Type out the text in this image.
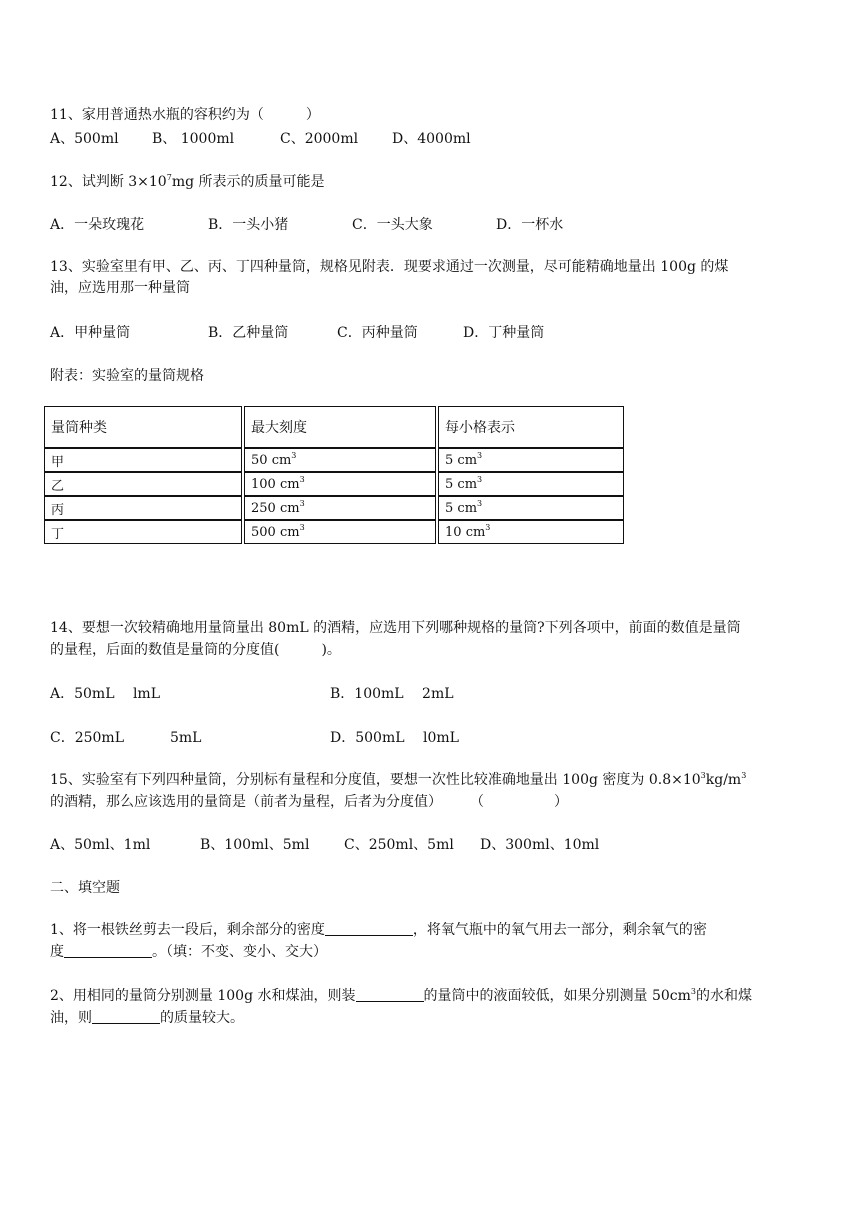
11、家用普通热水瓶的容积约为（　　　）

A、500ml

B、 1000ml

	C、2000ml

D、4000ml

12、试判断 $3\times 10^7mg$ 所表示的质量可能是

A．一朵玫瑰花

	B．一头小猪

	C．一头大象

	D．一杯水

13、实验室里有甲、乙、丙、丁四种量筒，规格见附表．现要求通过一次测量，尽可能精确地量出 100g 的煤
油，应选用那一种量筒

A．甲种量筒

	B．乙种量筒

	C．丙种量筒

	D．丁种量筒

附表：实验室的量筒规格
量筒种类	最大刻度	每小格表示
甲	50 $cm^3$	5 $cm^3$
乙	100 $cm^3$	5 $cm^3$
丙	250 $cm^3$	5 $cm^3$
丁	500 $cm^3$	10 $cm^3$
14、要想一次较精确地用量筒量出 80mL 的酒精，应选用下列哪种规格的量筒?下列各项中，前面的数值是量筒
的量程，后面的数值是量筒的分度值(　　　)。

A．50mL　 lmL

	B．100mL　 2mL

C．250mL

	5mL

	D．500mL　 l0mL

15、实验室有下列四种量筒，分别标有量程和分度值，要想一次性比较准确地量出 100g 密度为 $0.8\times 10^3kg/m^3$
的酒精，那么应该选用的量筒是（前者为量程，后者为分度值）　　　（　　　　　）

A、50ml、1ml

	B、100ml、5ml

C、250ml、5ml

D、300ml、10ml

二、填空题
1、将一根铁丝剪去一段后，剩余部分的密度	，将氧气瓶中的氧气用去一部分，剩余氧气的密
度	。（填：不变、变小、交大）
2、用相同的量筒分别测量 100g 水和煤油，则装	的量筒中的液面较低，如果分别测量 $50cm^3$的水和煤
油，则	的质量较大。
